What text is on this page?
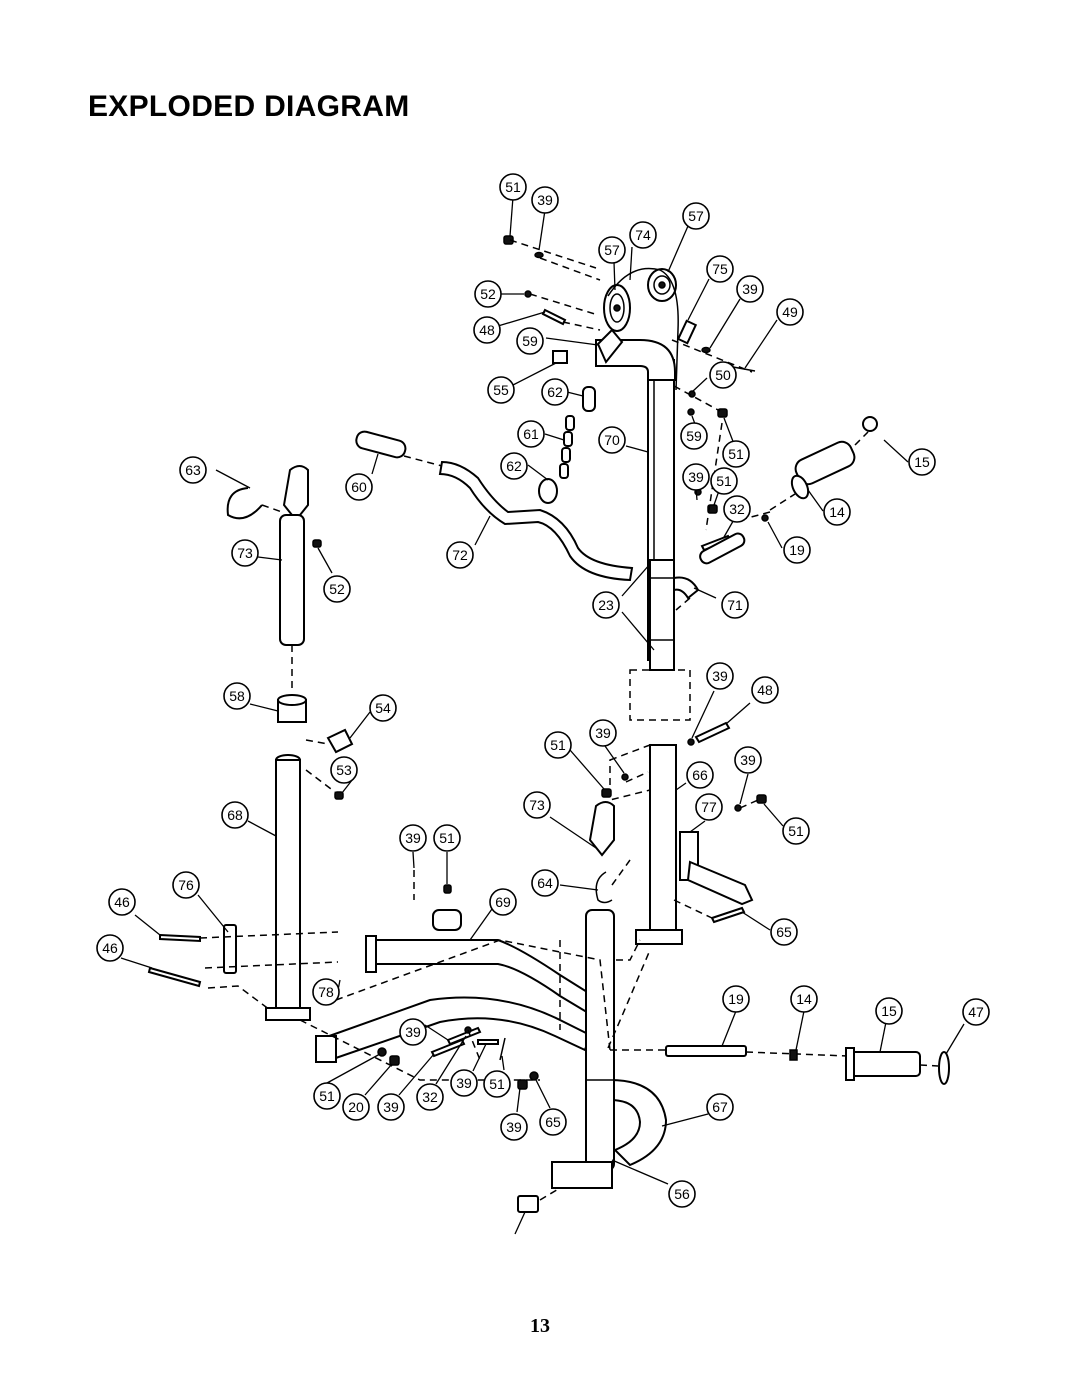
EXPLODED DIAGRAM
51
39
74
57
57
75
39
52
49
48
59
50
55	62
59
51
61	70
15
62
39 51
63
60
14
32
19
72
73
52
71
23
39
48
58
54
39
51
66
39
53
73	77
51
68
39 51
64
46
76
69
46
65
78	19	14
15	47
39
51
20 39
32
39 51
39 65
67
56
13
